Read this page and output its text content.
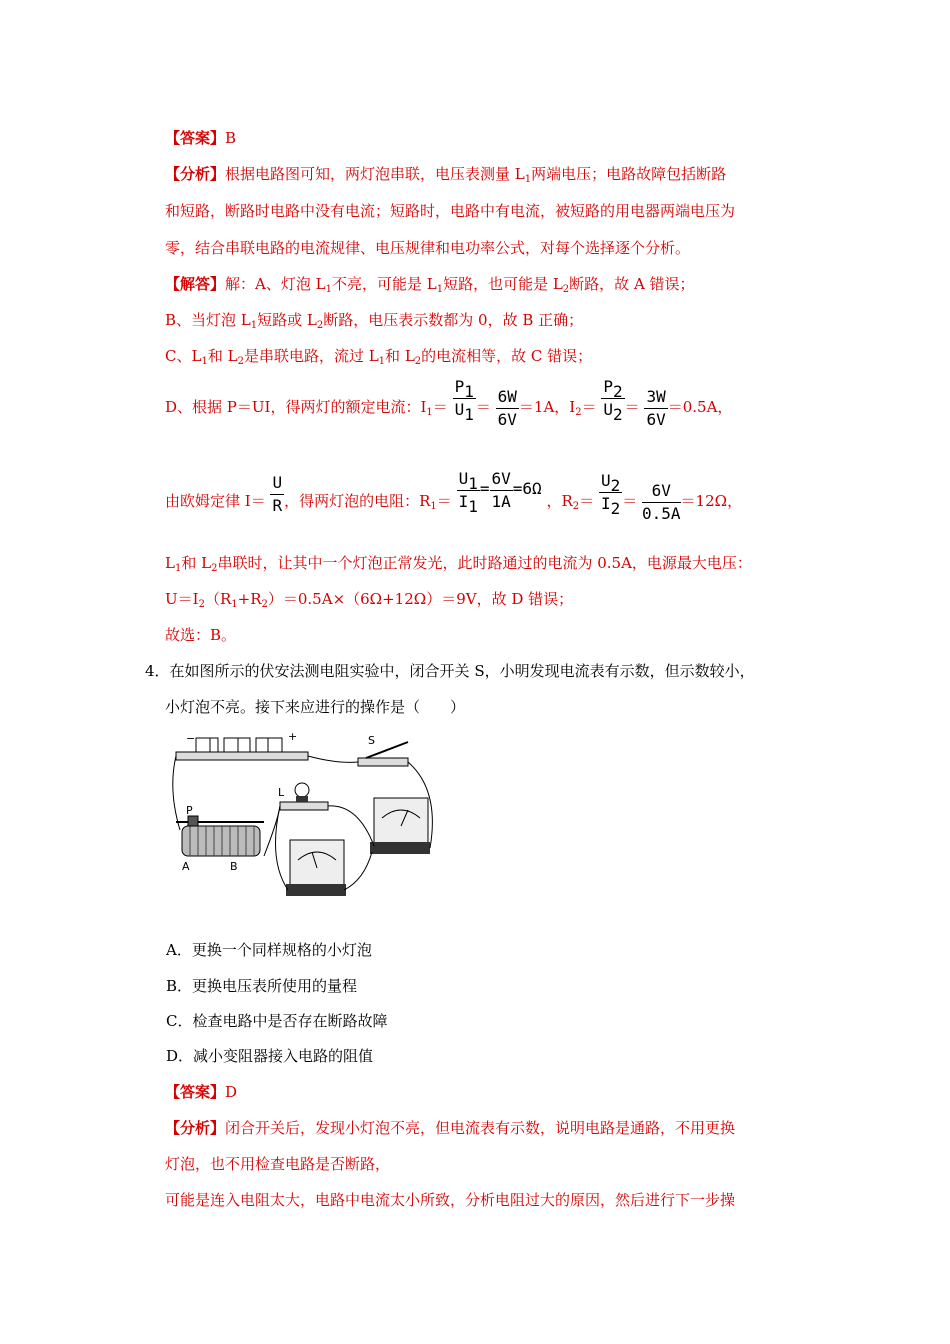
【答案】B
【分析】根据电路图可知，两灯泡串联，电压表测量 $L_1$两端电压；电路故障包括断路
和短路，断路时电路中没有电流；短路时，电路中有电流，被短路的用电器两端电压为
零，结合串联电路的电流规律、电压规律和电功率公式，对每个选择逐个分析。
【解答】解：A、灯泡 $L_1$不亮，可能是 $L_1$短路，也可能是 $L_2$断路，故 A 错误；
B、当灯泡 $L_1$短路或 $L_2$断路，电压表示数都为 0，故 B 正确；
C、$L_1$和 $L_2$是串联电路，流过 $L_1$和 $L_2$的电流相等，故 C 错误；
D、根据 P＝UI，得两灯的额定电流：$I_1= \frac{P_1}{U_1} = \frac{6W}{6V} =1A$，$I_2= \frac{P_2}{U_2} = \frac{3W}{6V} =0.5A$，
由欧姆定律 $I= \frac{U}{R}$ ，得两灯泡的电阻：$R_1= \frac{U_1}{I_1} = \frac{6V}{1A} =6\Omega$ ，$R_2= \frac{U_2}{I_2} = \frac{6V}{0.5A} =12\Omega$，
$L_1$和 $L_2$串联时，让其中一个灯泡正常发光，此时路通过的电流为 0.5A，电源最大电压：
$U=I_2(R_1+R_2)=0.5A\times(6\Omega+12\Omega)=9V$，故 D 错误；
故选：B。
4．在如图所示的伏安法测电阻实验中，闭合开关 S，小明发现电流表有示数，但示数较小，
小灯泡不亮。接下来应进行的操作是（　　）
−	+	S
L
P
A	B
A．更换一个同样规格的小灯泡
B．更换电压表所使用的量程
C．检查电路中是否存在断路故障
D．减小变阻器接入电路的阻值
【答案】D
【分析】闭合开关后，发现小灯泡不亮，但电流表有示数，说明电路是通路，不用更换
灯泡，也不用检查电路是否断路，
可能是连入电阻太大，电路中电流太小所致，分析电阻过大的原因，然后进行下一步操
